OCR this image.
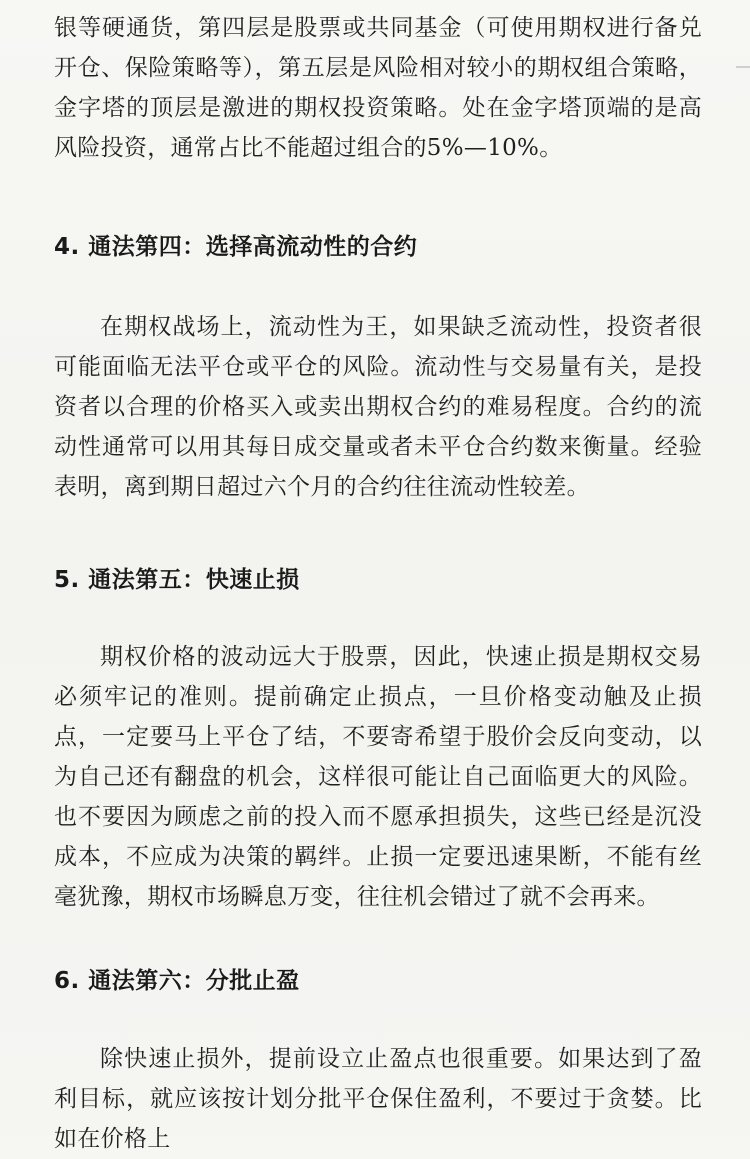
银等硬通货，第四层是股票或共同基金（可使用期权进行备兑开仓、保险策略等），第五层是风险相对较小的期权组合策略，金字塔的顶层是激进的期权投资策略。处在金字塔顶端的是高风险投资，通常占比不能超过组合的5%—10%。

4. 通法第四：选择高流动性的合约

在期权战场上，流动性为王，如果缺乏流动性，投资者很可能面临无法平仓或平仓的风险。流动性与交易量有关，是投资者以合理的价格买入或卖出期权合约的难易程度。合约的流动性通常可以用其每日成交量或者未平仓合约数来衡量。经验表明，离到期日超过六个月的合约往往流动性较差。

5. 通法第五：快速止损

期权价格的波动远大于股票，因此，快速止损是期权交易必须牢记的准则。提前确定止损点，一旦价格变动触及止损点，一定要马上平仓了结，不要寄希望于股价会反向变动，以为自己还有翻盘的机会，这样很可能让自己面临更大的风险。也不要因为顾虑之前的投入而不愿承担损失，这些已经是沉没成本，不应成为决策的羁绊。止损一定要迅速果断，不能有丝毫犹豫，期权市场瞬息万变，往往机会错过了就不会再来。

6. 通法第六：分批止盈

除快速止损外，提前设立止盈点也很重要。如果达到了盈利目标，就应该按计划分批平仓保住盈利，不要过于贪婪。比如在价格上
